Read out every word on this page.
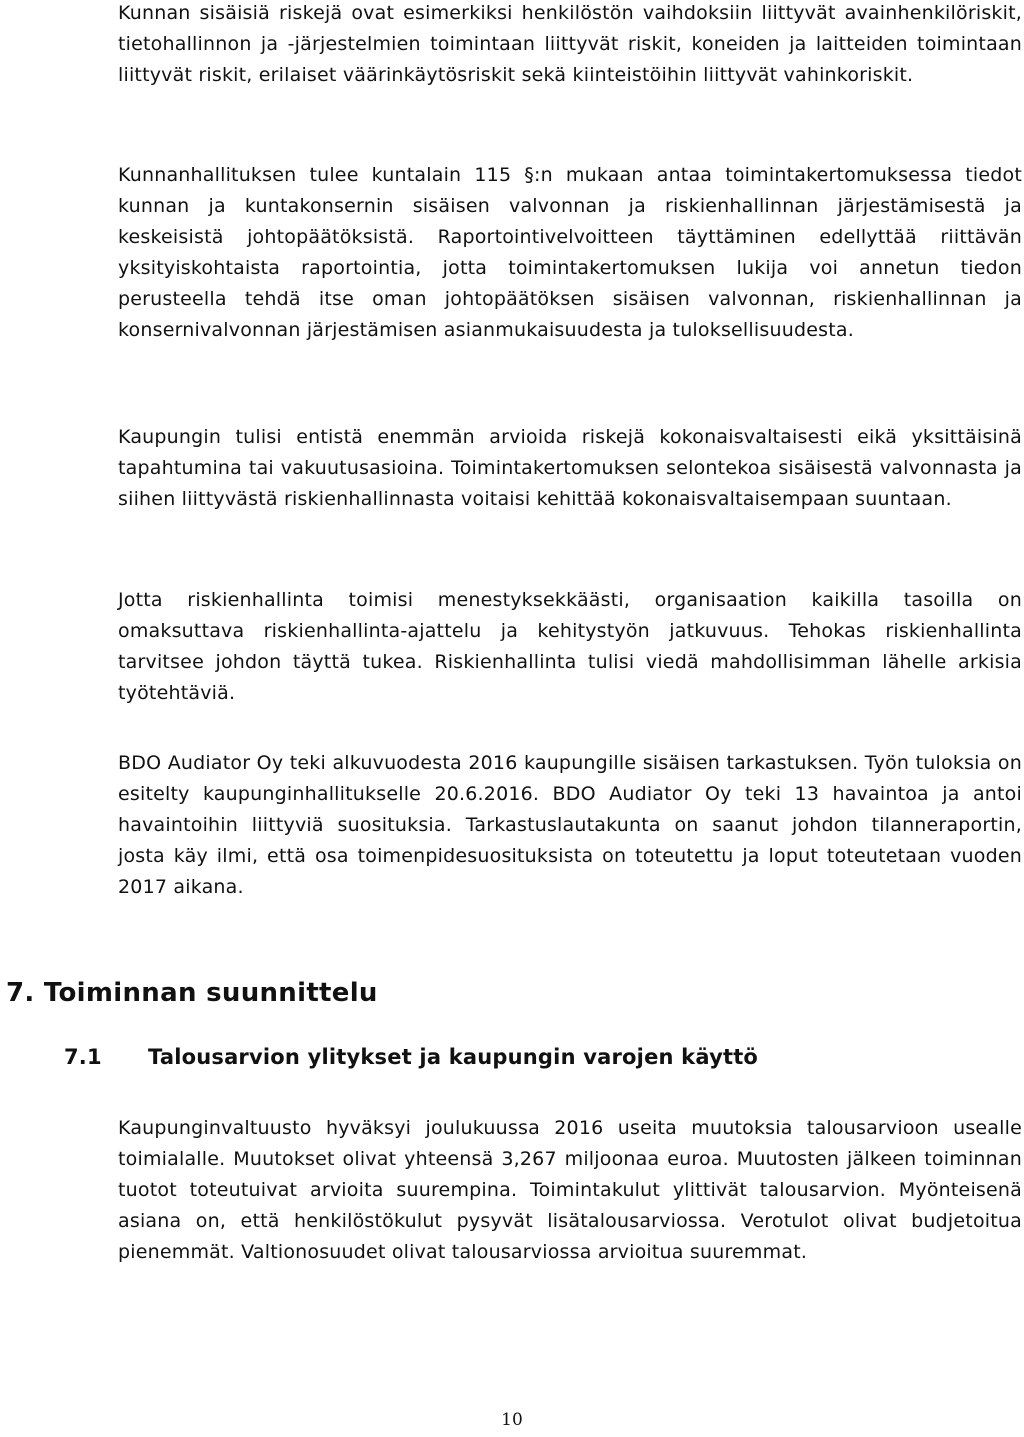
Kunnan sisäisiä riskejä ovat esimerkiksi henkilöstön vaihdoksiin liittyvät avainhenkilöriskit, tietohallinnon ja -järjestelmien toimintaan liittyvät riskit, koneiden ja laitteiden toimintaan liittyvät riskit, erilaiset väärinkäytösriskit sekä kiinteistöihin liittyvät vahinkoriskit.

Kunnanhallituksen tulee kuntalain 115 §:n mukaan antaa toimintakertomuksessa tiedot kunnan ja kuntakonsernin sisäisen valvonnan ja riskienhallinnan järjestämisestä ja keskeisistä johtopäätöksistä. Raportointivelvoitteen täyttäminen edellyttää riittävän yksityiskohtaista raportointia, jotta toimintakertomuksen lukija voi annetun tiedon perusteella tehdä itse oman johtopäätöksen sisäisen valvonnan, riskienhallinnan ja konsernivalvonnan järjestämisen asianmukaisuudesta ja tuloksellisuudesta.

Kaupungin tulisi entistä enemmän arvioida riskejä kokonaisvaltaisesti eikä yksittäisinä tapahtumina tai vakuutusasioina. Toimintakertomuksen selontekoa sisäisestä valvonnasta ja siihen liittyvästä riskienhallinnasta voitaisi kehittää kokonaisvaltaisempaan suuntaan.

Jotta riskienhallinta toimisi menestyksekkäästi, organisaation kaikilla tasoilla on omaksuttava riskienhallinta-ajattelu ja kehitystyön jatkuvuus. Tehokas riskienhallinta tarvitsee johdon täyttä tukea. Riskienhallinta tulisi viedä mahdollisimman lähelle arkisia työtehtäviä.

BDO Audiator Oy teki alkuvuodesta 2016 kaupungille sisäisen tarkastuksen. Työn tuloksia on esitelty kaupunginhallitukselle 20.6.2016. BDO Audiator Oy teki 13 havaintoa ja antoi havaintoihin liittyviä suosituksia. Tarkastuslautakunta on saanut johdon tilanneraportin, josta käy ilmi, että osa toimenpidesuosituksista on toteutettu ja loput toteutetaan vuoden 2017 aikana.

7. Toiminnan suunnittelu
7.1 Talousarvion ylitykset ja kaupungin varojen käyttö

Kaupunginvaltuusto hyväksyi joulukuussa 2016 useita muutoksia talousarvioon usealle toimialalle. Muutokset olivat yhteensä 3,267 miljoonaa euroa. Muutosten jälkeen toiminnan tuotot toteutuivat arvioita suurempina. Toimintakulut ylittivät talousarvion. Myönteisenä asiana on, että henkilöstökulut pysyvät lisätalousarviossa. Verotulot olivat budjetoitua pienemmät. Valtionosuudet olivat talousarviossa arvioitua suuremmat.

10
